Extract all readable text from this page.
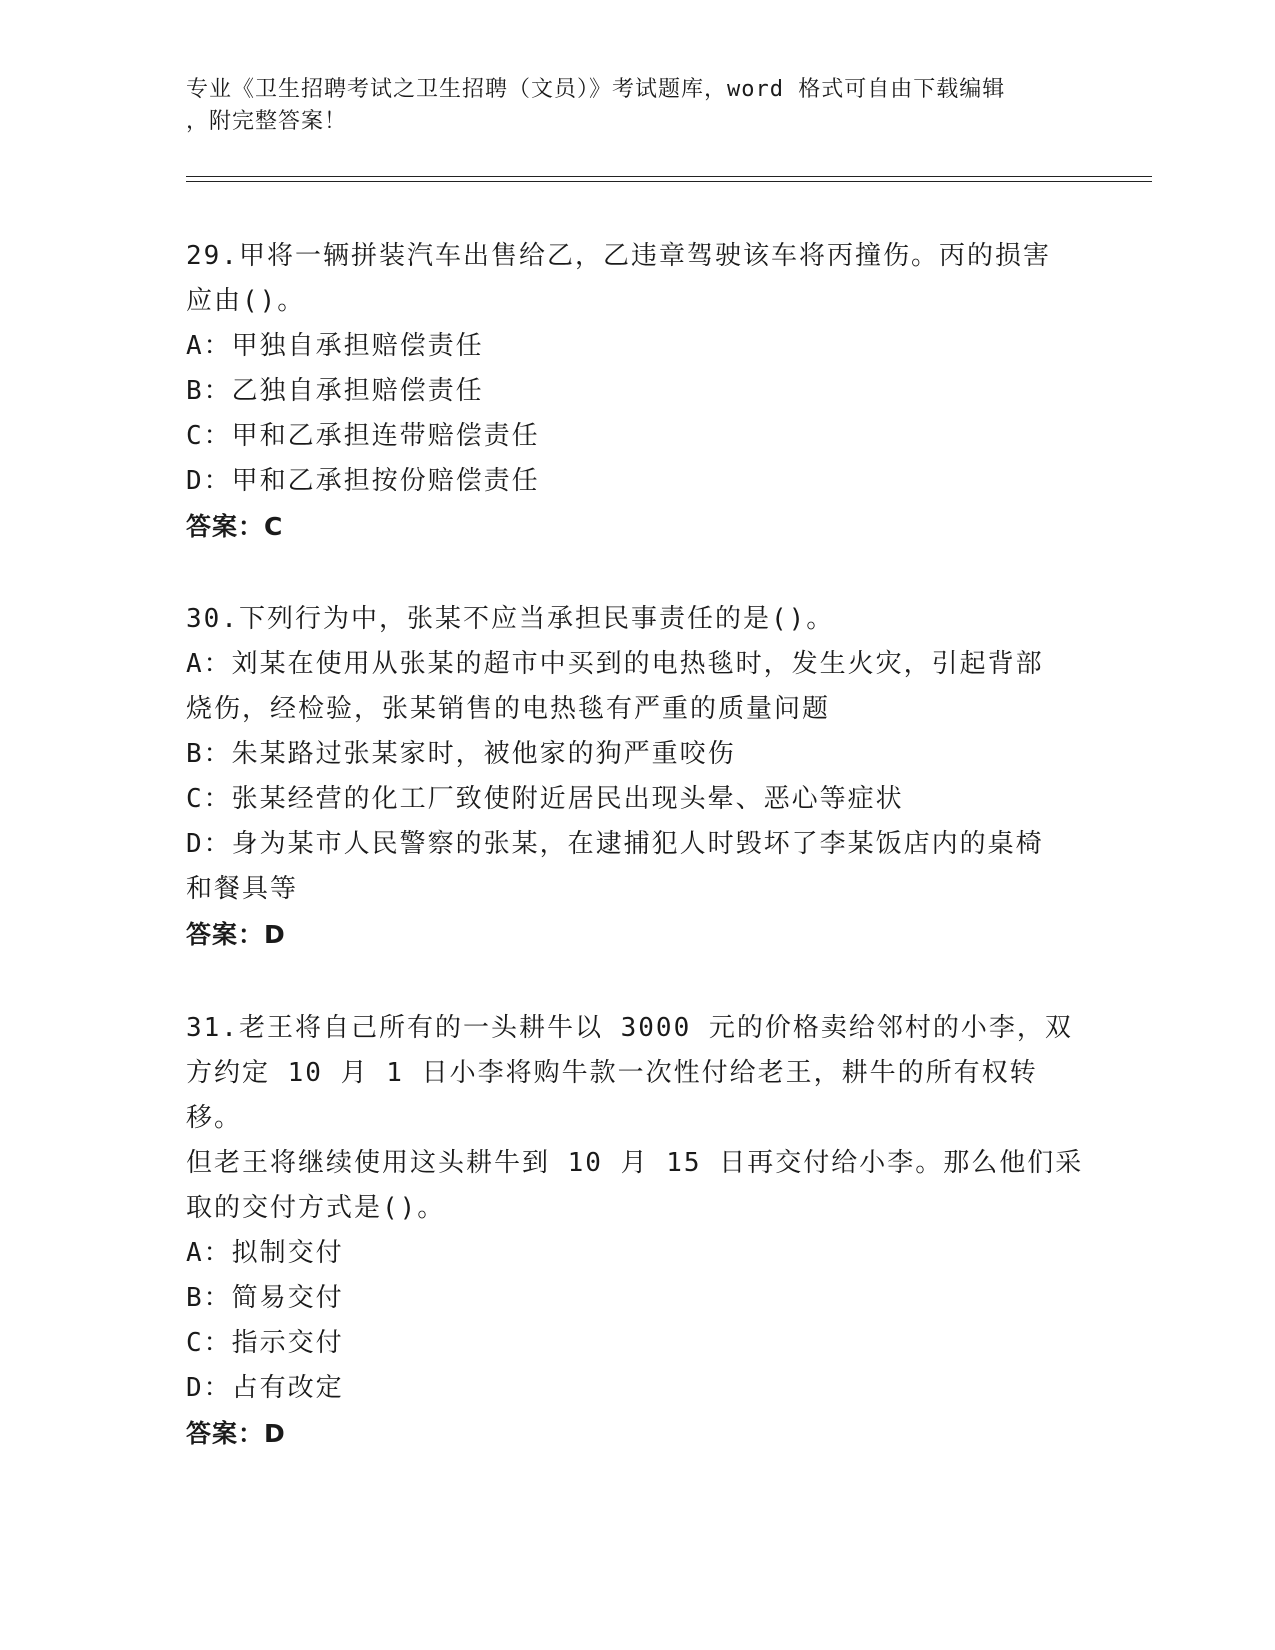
专业《卫生招聘考试之卫生招聘（文员）》考试题库，word 格式可自由下载编辑
，附完整答案！

29.甲将一辆拼装汽车出售给乙，乙违章驾驶该车将丙撞伤。丙的损害

应由()。

A：甲独自承担赔偿责任

B：乙独自承担赔偿责任

C：甲和乙承担连带赔偿责任

D：甲和乙承担按份赔偿责任

答案：C

30.下列行为中，张某不应当承担民事责任的是()。

A：刘某在使用从张某的超市中买到的电热毯时，发生火灾，引起背部

烧伤，经检验，张某销售的电热毯有严重的质量问题

B：朱某路过张某家时，被他家的狗严重咬伤

C：张某经营的化工厂致使附近居民出现头晕、恶心等症状

D：身为某市人民警察的张某，在逮捕犯人时毁坏了李某饭店内的桌椅

和餐具等

答案：D

31.老王将自己所有的一头耕牛以 3000 元的价格卖给邻村的小李，双

方约定 10 月 1 日小李将购牛款一次性付给老王，耕牛的所有权转移。

但老王将继续使用这头耕牛到 10 月 15 日再交付给小李。那么他们采

取的交付方式是()。

A：拟制交付

B：简易交付

C：指示交付

D：占有改定

答案：D
